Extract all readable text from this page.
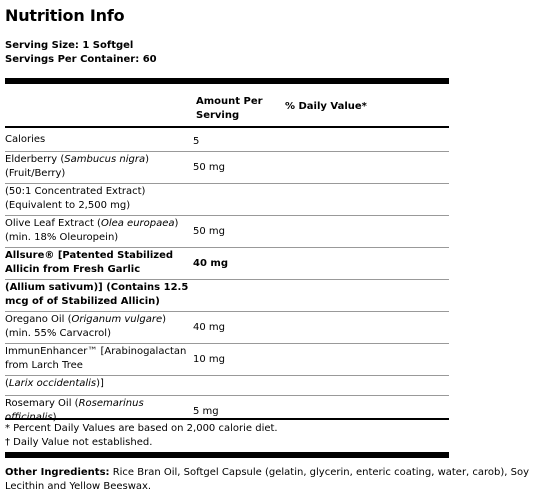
Nutrition Info
Serving Size: 1 Softgel
Servings Per Container: 60
Amount Per
Serving
% Daily Value*
Calories	5
Elderberry (Sambucus nigra) (Fruit/Berry)	50 mg
(50:1 Concentrated Extract) (Equivalent to 2,500 mg)	
Olive Leaf Extract (Olea europaea) (min. 18% Oleuropein)	50 mg
Allsure® [Patented Stabilized Allicin from Fresh Garlic	40 mg
(Allium sativum)] (Contains 12.5 mcg of of Stabilized Allicin)	
Oregano Oil (Origanum vulgare) (min. 55% Carvacrol)	40 mg
ImmunEnhancer™ [Arabinogalactan from Larch Tree	10 mg
(Larix occidentalis)]	
Rosemary Oil (Rosemarinus	5 mg
* Percent Daily Values are based on 2,000 calorie diet.
† Daily Value not established.
Other Ingredients: Rice Bran Oil, Softgel Capsule (gelatin, glycerin, enteric coating, water, carob), Soy Lecithin and Yellow Beeswax.
